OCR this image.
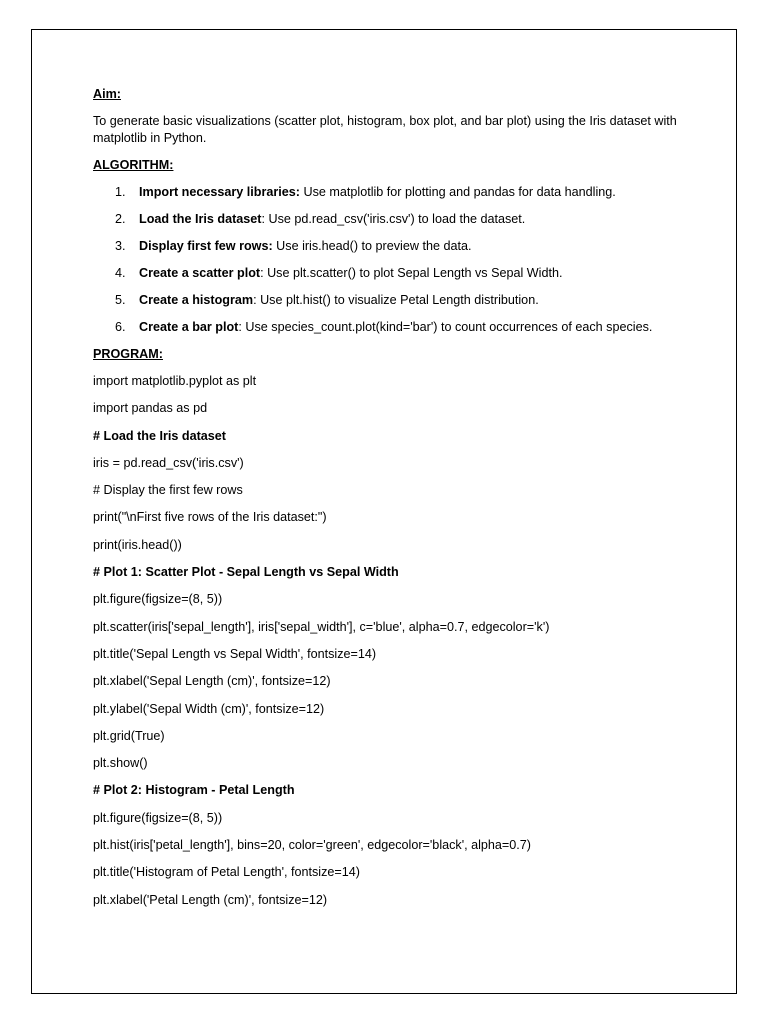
Aim:
To generate basic visualizations (scatter plot, histogram, box plot, and bar plot) using the Iris dataset with matplotlib in Python.
ALGORITHM:
1. Import necessary libraries: Use matplotlib for plotting and pandas for data handling.
2. Load the Iris dataset: Use pd.read_csv('iris.csv') to load the dataset.
3. Display first few rows: Use iris.head() to preview the data.
4. Create a scatter plot: Use plt.scatter() to plot Sepal Length vs Sepal Width.
5. Create a histogram: Use plt.hist() to visualize Petal Length distribution.
6. Create a bar plot: Use species_count.plot(kind='bar') to count occurrences of each species.
PROGRAM:
import matplotlib.pyplot as plt
import pandas as pd
# Load the Iris dataset
iris = pd.read_csv('iris.csv')
# Display the first few rows
print("\nFirst five rows of the Iris dataset:")
print(iris.head())
# Plot 1: Scatter Plot - Sepal Length vs Sepal Width
plt.figure(figsize=(8, 5))
plt.scatter(iris['sepal_length'], iris['sepal_width'], c='blue', alpha=0.7, edgecolor='k')
plt.title('Sepal Length vs Sepal Width', fontsize=14)
plt.xlabel('Sepal Length (cm)', fontsize=12)
plt.ylabel('Sepal Width (cm)', fontsize=12)
plt.grid(True)
plt.show()
# Plot 2: Histogram - Petal Length
plt.figure(figsize=(8, 5))
plt.hist(iris['petal_length'], bins=20, color='green', edgecolor='black', alpha=0.7)
plt.title('Histogram of Petal Length', fontsize=14)
plt.xlabel('Petal Length (cm)', fontsize=12)
